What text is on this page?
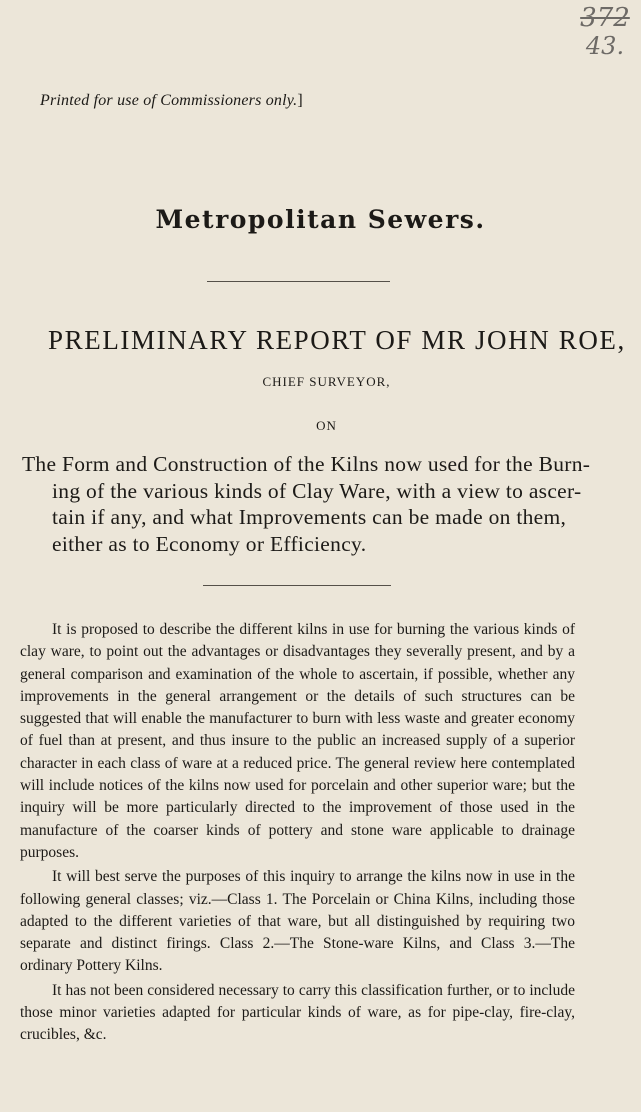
372
43.
Printed for use of Commissioners only.]
Metropolitan Sewers.
PRELIMINARY REPORT OF MR JOHN ROE,
CHIEF SURVEYOR,
ON
The Form and Construction of the Kilns now used for the Burn-
ing of the various kinds of Clay Ware, with a view to ascer-
tain if any, and what Improvements can be made on them,
either as to Economy or Efficiency.

It is proposed to describe the different kilns in use for burning the various kinds of clay ware, to point out the advantages or disadvantages they severally present, and by a general comparison and examination of the whole to ascertain, if possible, whether any improvements in the general arrangement or the details of such structures can be suggested that will enable the manufacturer to burn with less waste and greater economy of fuel than at present, and thus insure to the public an increased supply of a superior character in each class of ware at a reduced price. The general review here contemplated will include notices of the kilns now used for porcelain and other superior ware; but the inquiry will be more particularly directed to the improvement of those used in the manufacture of the coarser kinds of pottery and stone ware applicable to drainage purposes.

It will best serve the purposes of this inquiry to arrange the kilns now in use in the following general classes; viz.—Class 1. The Porcelain or China Kilns, including those adapted to the different varieties of that ware, but all distinguished by requiring two separate and distinct firings. Class 2.—The Stone-ware Kilns, and Class 3.—The ordinary Pottery Kilns.

It has not been considered necessary to carry this classification further, or to include those minor varieties adapted for particular kinds of ware, as for pipe-clay, fire-clay, crucibles, &c.
